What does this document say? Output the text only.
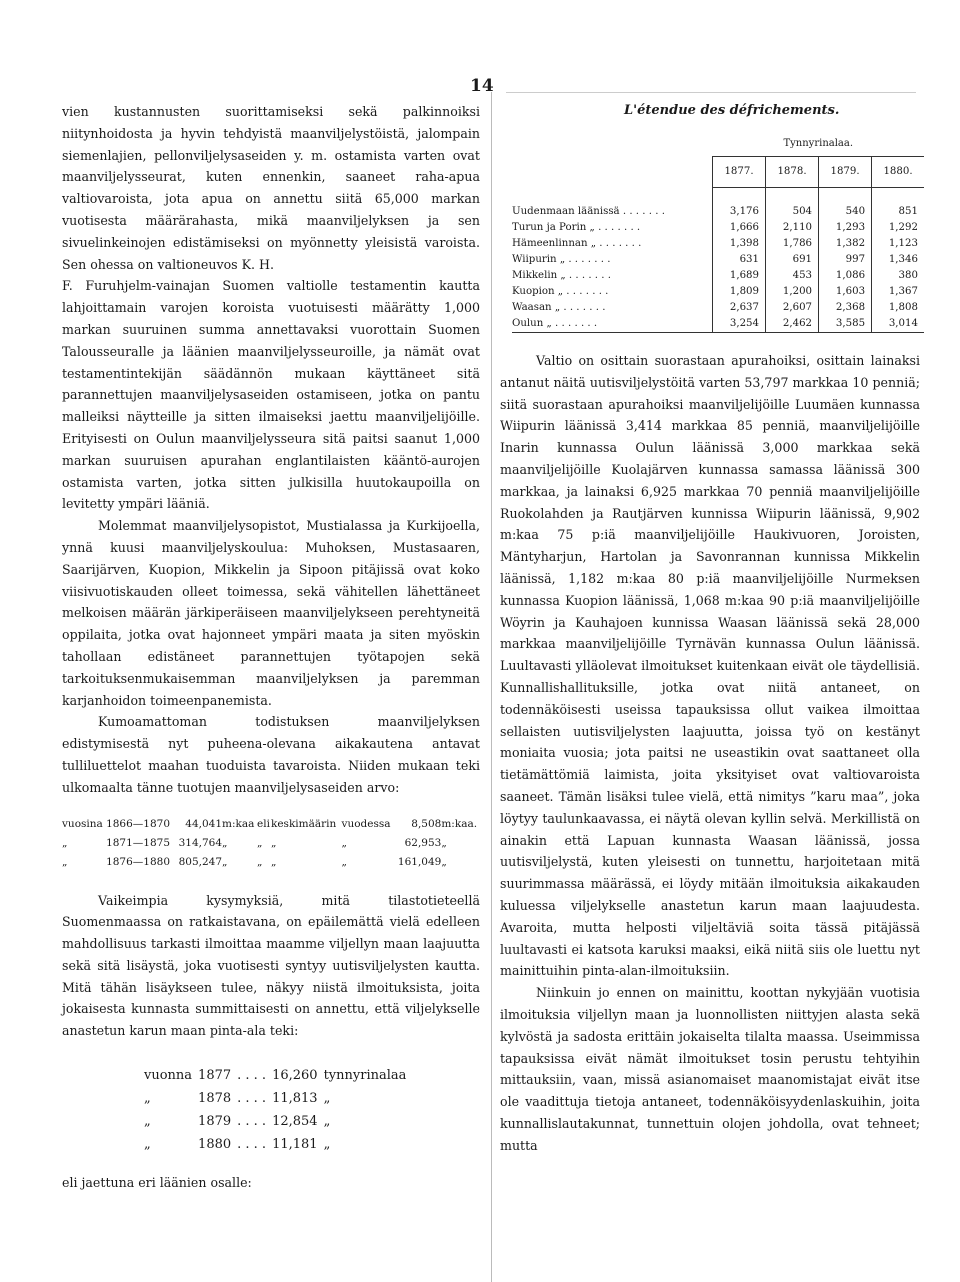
14

vien kustannusten suorittamiseksi sekä palkinnoiksi niitynhoidosta ja hyvin tehdyistä maanviljelystöistä, jalompain siemenlajien, pellonviljelysaseiden y. m. ostamista varten ovat maanviljelysseurat, kuten ennenkin, saaneet raha-apua valtiovaroista, jota apua on annettu siitä 65,000 markan vuotisesta määrärahasta, mikä maanviljelyksen ja sen sivuelinkeinojen edistämiseksi on myönnetty yleisistä varoista. Sen ohessa on valtioneuvos K. H.

F. Furuhjelm-vainajan Suomen valtiolle testamentin kautta lahjoittamain varojen koroista vuotuisesti määrätty 1,000 markan suuruinen summa annettavaksi vuorottain Suomen Talousseuralle ja läänien maanviljelysseuroille, ja nämät ovat testamentintekijän säädännön mukaan käyttäneet sitä parannettujen maanviljelysaseiden ostamiseen, jotka on pantu malleiksi näytteille ja sitten ilmaiseksi jaettu maanviljelijöille. Erityisesti on Oulun maanviljelysseura sitä paitsi saanut 1,000 markan suuruisen apurahan englantilaisten kääntö-aurojen ostamista varten, jotka sitten julkisilla huutokaupoilla on levitetty ympäri lääniä.

Molemmat maanviljelysopistot, Mustialassa ja Kurkijoella, ynnä kuusi maanviljelyskoulua: Muhoksen, Mustasaaren, Saarijärven, Kuopion, Mikkelin ja Sipoon pitäjissä ovat koko viisivuotiskauden olleet toimessa, sekä vähitellen lähettäneet melkoisen määrän järkiperäiseen maanviljelykseen perehtyneitä oppilaita, jotka ovat hajonneet ympäri maata ja siten myöskin tahollaan edistäneet parannettujen työtapojen sekä tarkoituksenmukaisemman maanviljelyksen ja paremman karjanhoidon toimeenpanemista.

Kumoamattoman todistuksen maanviljelyksen edistymisestä nyt puheena-olevana aikakautena antavat tulliluettelot maahan tuoduista tavaroista. Niiden mukaan teki ulkomaalta tänne tuotujen maanviljelysaseiden arvo:

vuosina	1866—1870	44,041	m:kaa	eli	keskimäärin	vuodessa	8,508	m:kaa.
„	1871—1875	314,764	„	„	„	„	62,953	„
„	1876—1880	805,247	„	„	„	„	161,049	„

Vaikeimpia kysymyksiä, mitä tilastotieteellä Suomenmaassa on ratkaistavana, on epäilemättä vielä edelleen mahdollisuus tarkasti ilmoittaa maamme viljellyn maan laajuutta sekä sitä lisäystä, joka vuotisesti syntyy uutisviljelysten kautta. Mitä tähän lisäykseen tulee, näkyy niistä ilmoituksista, joita jokaisesta kunnasta summittaisesti on annettu, että viljelykselle anastetun karun maan pinta-ala teki:

vuonna	1877	. . . .	16,260	tynnyrinalaa
„	1878	. . . .	11,813	„
„	1879	. . . .	12,854	„
„	1880	. . . .	11,181	„

eli jaettuna eri läänien osalle:

L'étendue des défrichements.
	Tynnyrinalaa.			
	1877.	1878.	1879.	1880.

Uudenmaan läänissä . . . . . . .	3,176	504	540	851
Turun ja Porin „ . . . . . . .	1,666	2,110	1,293	1,292
Hämeenlinnan „ . . . . . . .	1,398	1,786	1,382	1,123
Wiipurin „ . . . . . . .	631	691	997	1,346
Mikkelin „ . . . . . . .	1,689	453	1,086	380
Kuopion „ . . . . . . .	1,809	1,200	1,603	1,367
Waasan „ . . . . . . .	2,637	2,607	2,368	1,808
Oulun „ . . . . . . .	3,254	2,462	3,585	3,014

Valtio on osittain suorastaan apurahoiksi, osittain lainaksi antanut näitä uutisviljelystöitä varten 53,797 markkaa 10 penniä; siitä suorastaan apurahoiksi maanviljelijöille Luumäen kunnassa Wiipurin läänissä 3,414 markkaa 85 penniä, maanviljelijöille Inarin kunnassa Oulun läänissä 3,000 markkaa sekä maanviljelijöille Kuolajärven kunnassa samassa läänissä 300 markkaa, ja lainaksi 6,925 markkaa 70 penniä maanviljelijöille Ruokolahden ja Rautjärven kunnissa Wiipurin läänissä, 9,902 m:kaa 75 p:iä maanviljelijöille Haukivuoren, Joroisten, Mäntyharjun, Hartolan ja Savonrannan kunnissa Mikkelin läänissä, 1,182 m:kaa 80 p:iä maanviljelijöille Nurmeksen kunnassa Kuopion läänissä, 1,068 m:kaa 90 p:iä maanviljelijöille Wöyrin ja Kauhajoen kunnissa Waasan läänissä sekä 28,000 markkaa maanviljelijöille Tyrnävän kunnassa Oulun läänissä. Luultavasti ylläolevat ilmoitukset kuitenkaan eivät ole täydellisiä. Kunnallishallituksille, jotka ovat niitä antaneet, on todennäköisesti useissa tapauksissa ollut vaikea ilmoittaa sellaisten uutisviljelysten laajuutta, joissa työ on kestänyt moniaita vuosia; jota paitsi ne useastikin ovat saattaneet olla tietämättömiä laimista, joita yksityiset ovat valtiovaroista saaneet. Tämän lisäksi tulee vielä, että nimitys ”karu maa”, joka löytyy taulunkaavassa, ei näytä olevan kyllin selvä. Merkillistä on ainakin että Lapuan kunnasta Waasan läänissä, jossa uutisviljelystä, kuten yleisesti on tunnettu, harjoitetaan mitä suurimmassa määrässä, ei löydy mitään ilmoituksia aikakauden kuluessa viljelykselle anastetun karun maan laajuudesta. Avaroita, mutta helposti viljeltäviä soita tässä pitäjässä luultavasti ei katsota karuksi maaksi, eikä niitä siis ole luettu nyt mainittuihin pinta-alan-ilmoituksiin.

Niinkuin jo ennen on mainittu, koottan nykyjään vuotisia ilmoituksia viljellyn maan ja luonnollisten niittyjen alasta sekä kylvöstä ja sadosta erittäin jokaiselta tilalta maassa. Useimmissa tapauksissa eivät nämät ilmoitukset tosin perustu tehtyihin mittauksiin, vaan, missä asianomaiset maanomistajat eivät itse ole vaadittuja tietoja antaneet, todennäköisyydenlaskuihin, joita kunnallislautakunnat, tunnettuin olojen johdolla, ovat tehneet; mutta
